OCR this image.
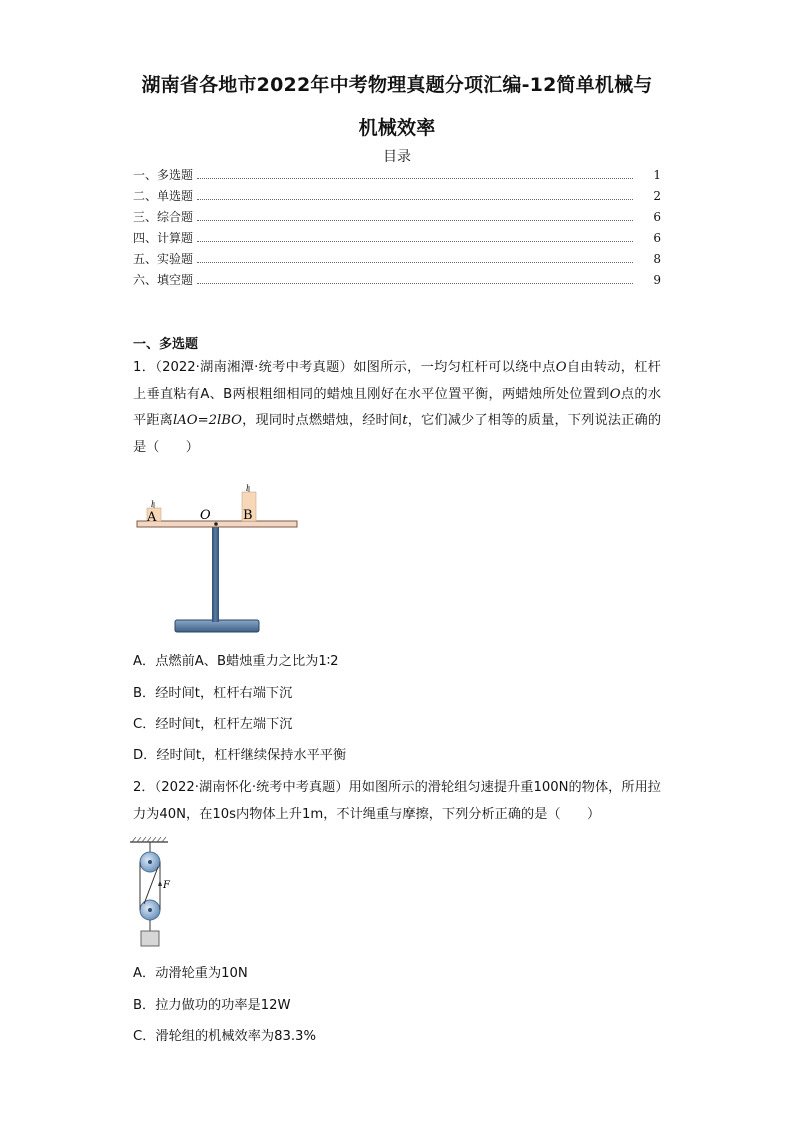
湖南省各地市2022年中考物理真题分项汇编-12简单机械与
机械效率
目录
一、多选题	1
二、单选题	2
三、综合题	6
四、计算题	6
五、实验题	8
六、填空题	9
一、多选题
1．（2022·湖南湘潭·统考中考真题）如图所示，一均匀杠杆可以绕中点O自由转动，杠杆上垂直粘有A、B两根粗细相同的蜡烛且刚好在水平位置平衡，两蜡烛所处位置到O点的水平距离lAO=2lBO，现同时点燃蜡烛，经时间t，它们减少了相等的质量，下列说法正确的是（　　）
A	B
O
l
l
A．点燃前A、B蜡烛重力之比为1∶2
B．经时间t，杠杆右端下沉
C．经时间t，杠杆左端下沉
D．经时间t，杠杆继续保持水平平衡
2．（2022·湖南怀化·统考中考真题）用如图所示的滑轮组匀速提升重100N的物体，所用拉力为40N，在10s内物体上升1m，不计绳重与摩擦，下列分析正确的是（　　）
F
A．动滑轮重为10N
B．拉力做功的功率是12W
C．滑轮组的机械效率为83.3%
